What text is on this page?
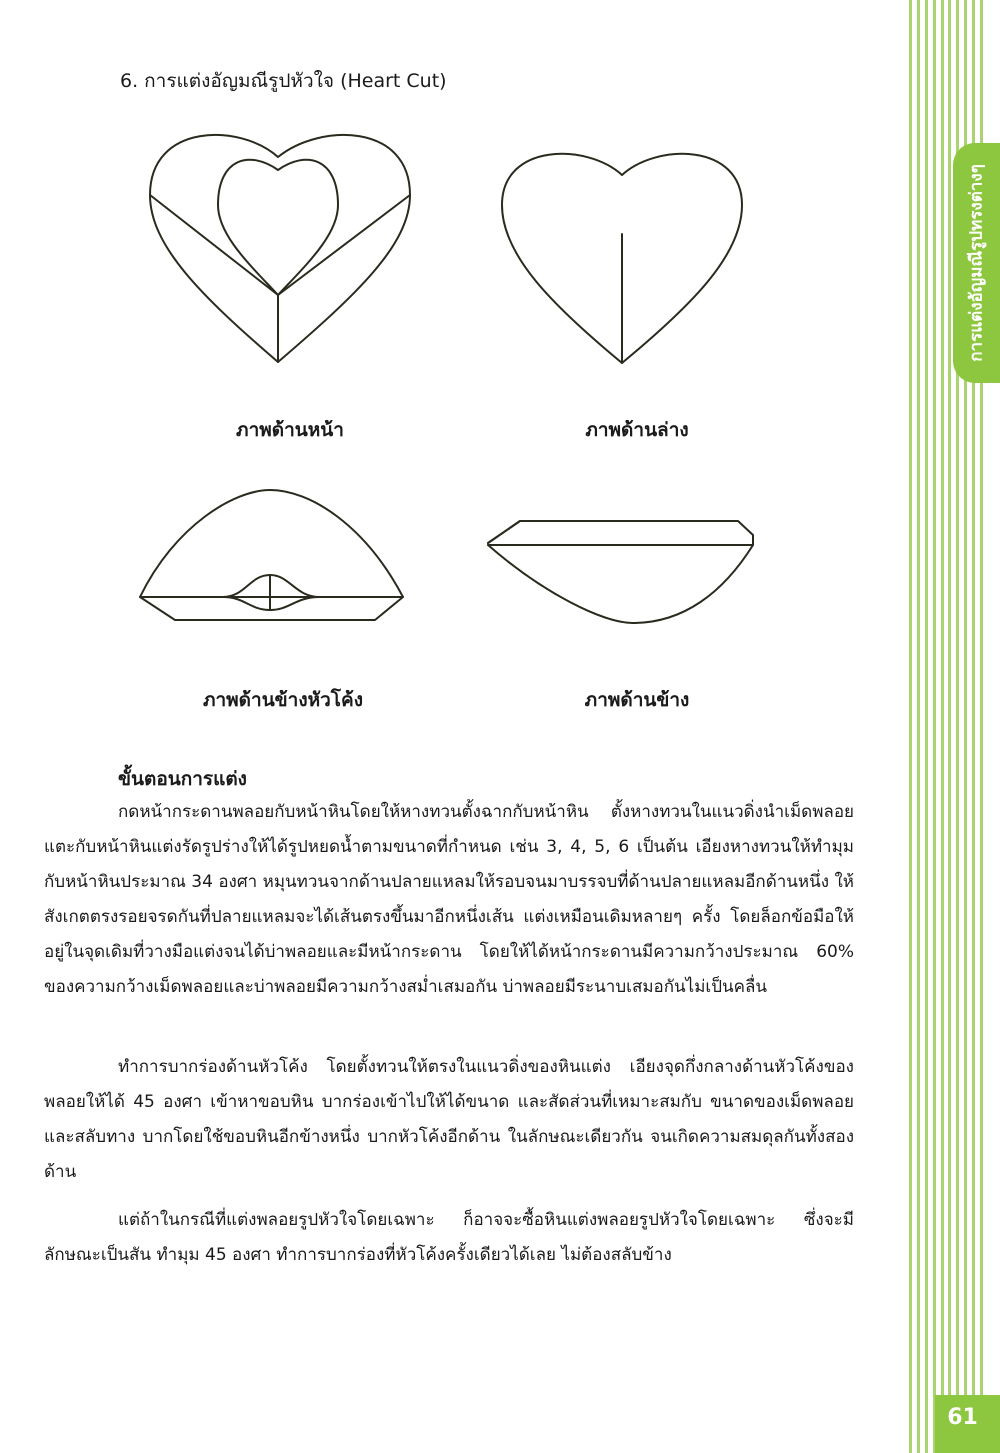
การแต่งอัญมณีรูปทรงต่างๆ
6. การแต่งอัญมณีรูปหัวใจ (Heart Cut)
ภาพด้านหน้า	ภาพด้านล่าง
ภาพด้านข้างหัวโค้ง	ภาพด้านข้าง
ขั้นตอนการแต่ง

กดหน้ากระดานพลอยกับหน้าหินโดยให้หางทวนตั้งฉากกับหน้าหิน ตั้งหางทวนในแนวดิ่งนำเม็ดพลอยแตะกับหน้าหินแต่งรัดรูปร่างให้ได้รูปหยดน้ำตามขนาดที่กำหนด เช่น 3, 4, 5, 6 เป็นต้น เอียงหางทวนให้ทำมุมกับหน้าหินประมาณ 34 องศา หมุนทวนจากด้านปลายแหลมให้รอบจนมาบรรจบที่ด้านปลายแหลมอีกด้านหนึ่ง ให้สังเกตตรงรอยจรดกันที่ปลายแหลมจะได้เส้นตรงขึ้นมาอีกหนึ่งเส้น แต่งเหมือนเดิมหลายๆ ครั้ง โดยล็อกข้อมือให้อยู่ในจุดเดิมที่วางมือแต่งจนได้บ่าพลอยและมีหน้ากระดาน โดยให้ได้หน้ากระดานมีความกว้างประมาณ 60% ของความกว้างเม็ดพลอยและบ่าพลอยมีความกว้างสม่ำเสมอกัน บ่าพลอยมีระนาบเสมอกันไม่เป็นคลื่น

ทำการบากร่องด้านหัวโค้ง โดยตั้งทวนให้ตรงในแนวดิ่งของหินแต่ง เอียงจุดกึ่งกลางด้านหัวโค้งของพลอยให้ได้ 45 องศา เข้าหาขอบหิน บากร่องเข้าไปให้ได้ขนาด และสัดส่วนที่เหมาะสมกับ ขนาดของเม็ดพลอย และสลับทาง บากโดยใช้ขอบหินอีกข้างหนึ่ง บากหัวโค้งอีกด้าน ในลักษณะเดียวกัน จนเกิดความสมดุลกันทั้งสองด้าน

แต่ถ้าในกรณีที่แต่งพลอยรูปหัวใจโดยเฉพาะ ก็อาจจะซื้อหินแต่งพลอยรูปหัวใจโดยเฉพาะ ซึ่งจะมีลักษณะเป็นสัน ทำมุม 45 องศา ทำการบากร่องที่หัวโค้งครั้งเดียวได้เลย ไม่ต้องสลับข้าง

61
